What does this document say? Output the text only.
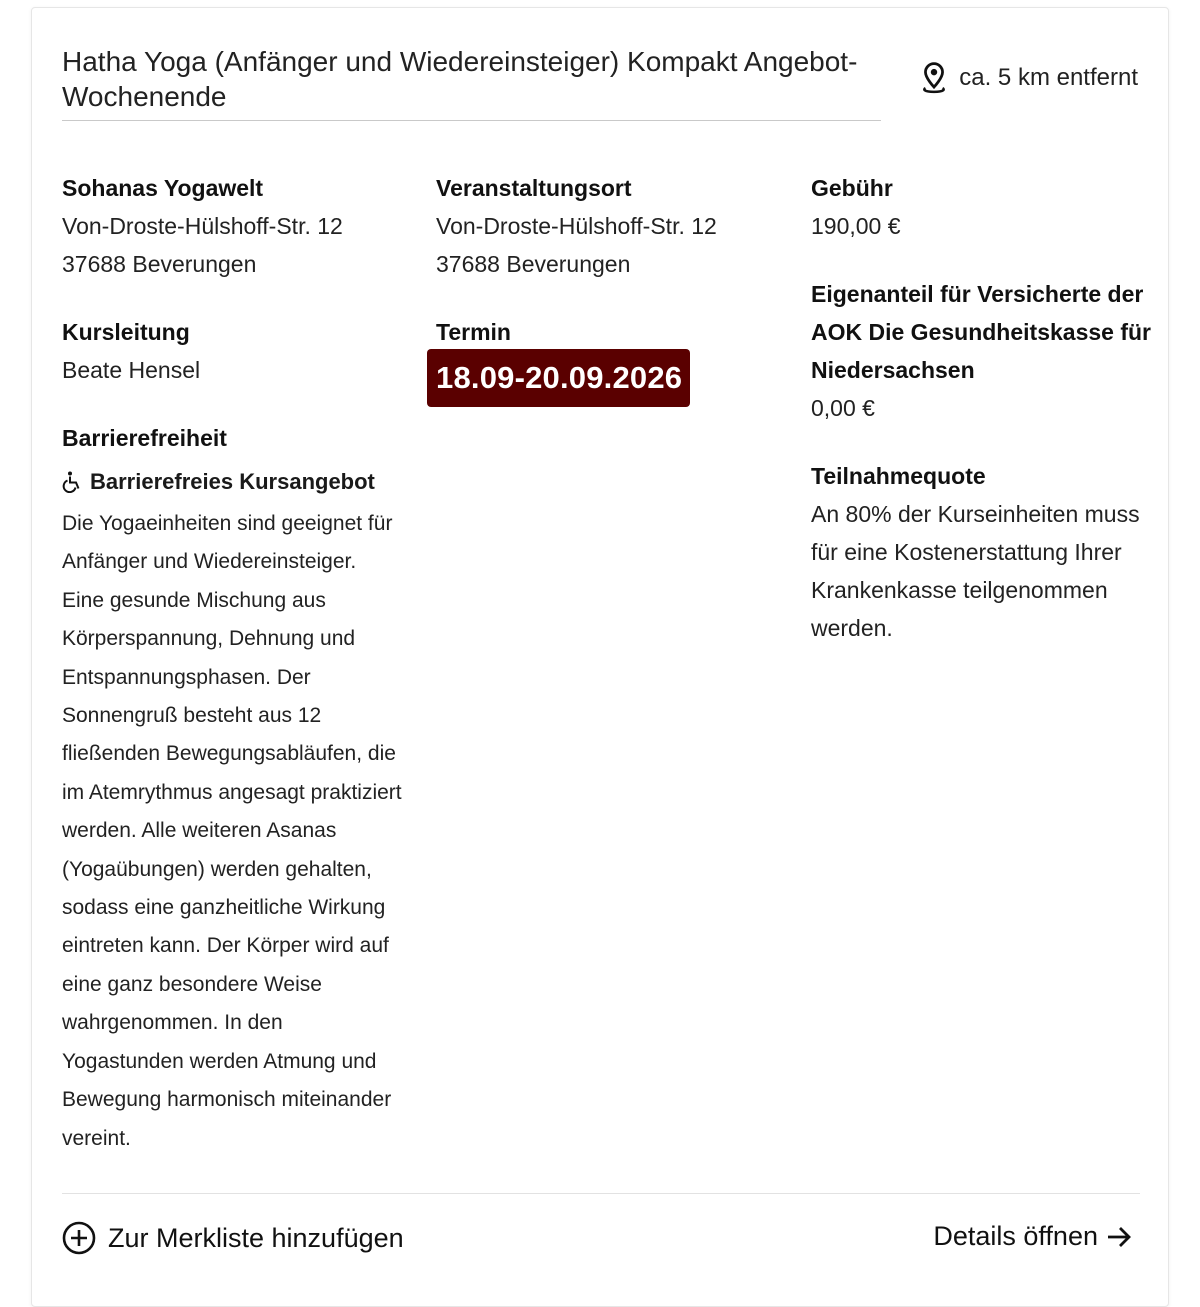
Hatha Yoga (Anfänger und Wiedereinsteiger) Kompakt Angebot-Wochenende
ca. 5 km entfernt
Sohanas Yogawelt
Von-Droste-Hülshoff-Str. 12
37688 Beverungen
Kursleitung
Beate Hensel
Barrierefreiheit
Barrierefreies Kursangebot

Die Yogaeinheiten sind geeignet für Anfänger und Wiedereinsteiger. Eine gesunde Mischung aus Körperspannung, Dehnung und Entspannungsphasen. Der Sonnengruß besteht aus 12 fließenden Bewegungsabläufen, die im Atemrythmus angesagt praktiziert werden. Alle weiteren Asanas (Yogaübungen) werden gehalten, sodass eine ganzheitliche Wirkung eintreten kann. Der Körper wird auf eine ganz besondere Weise wahrgenommen. In den Yogastunden werden Atmung und Bewegung harmonisch miteinander vereint.

Veranstaltungsort
Von-Droste-Hülshoff-Str. 12
37688 Beverungen
Termin
18.09-20.09.2026
Gebühr
190,00 €
Eigenanteil für Versicherte der AOK Die Gesundheitskasse für Niedersachsen
0,00 €
Teilnahmequote
An 80% der Kurseinheiten muss für eine Kostenerstattung Ihrer Krankenkasse teilgenommen werden.
Zur Merkliste hinzufügen	Details öffnen
